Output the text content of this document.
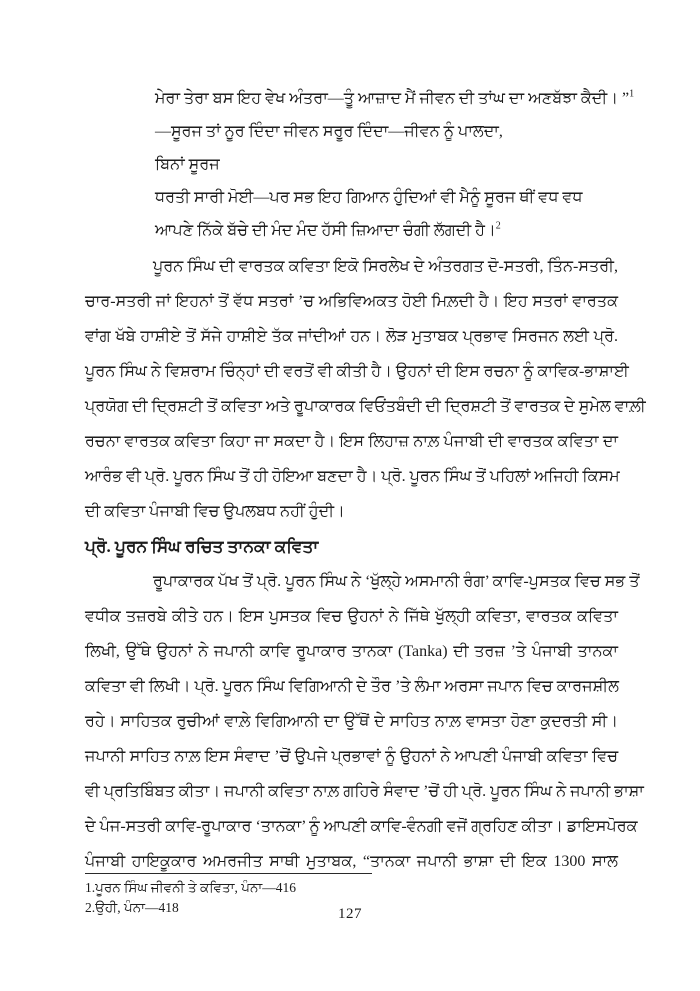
ਮੇਰਾ ਤੇਰਾ ਬਸ ਇਹ ਵੇਖ ਅੰਤਰਾ—ਤੂੰ ਆਜ਼ਾਦ ਮੈਂ ਜੀਵਨ ਦੀ ਤਾਂਘ ਦਾ ਅਣਬੱਝਾ ਕੈਦੀ। ”$^1$
—ਸੂਰਜ ਤਾਂ ਨੂਰ ਦਿੰਦਾ ਜੀਵਨ ਸਰੂਰ ਦਿੰਦਾ—ਜੀਵਨ ਨੂੰ ਪਾਲਦਾ,
ਬਿਨਾਂ ਸੂਰਜ
ਧਰਤੀ ਸਾਰੀ ਮੋਈ—ਪਰ ਸਭ ਇਹ ਗਿਆਨ ਹੁੰਦਿਆਂ ਵੀ ਮੈਨੂੰ ਸੂਰਜ ਥੀਂ ਵਧ ਵਧ
ਆਪਣੇ ਨਿੱਕੇ ਬੱਚੇ ਦੀ ਮੰਦ ਮੰਦ ਹੱਸੀ ਜ਼ਿਆਦਾ ਚੰਗੀ ਲੱਗਦੀ ਹੈ।$^2$
ਪੂਰਨ ਸਿੰਘ ਦੀ ਵਾਰਤਕ ਕਵਿਤਾ ਇਕੋ ਸਿਰਲੇਖ ਦੇ ਅੰਤਰਗਤ ਦੋ-ਸਤਰੀ, ਤਿੰਨ-ਸਤਰੀ,
ਚਾਰ-ਸਤਰੀ ਜਾਂ ਇਹਨਾਂ ਤੋਂ ਵੱਧ ਸਤਰਾਂ ’ਚ ਅਭਿਵਿਅਕਤ ਹੋਈ ਮਿਲ਼ਦੀ ਹੈ। ਇਹ ਸਤਰਾਂ ਵਾਰਤਕ
ਵਾਂਗ ਖੱਬੇ ਹਾਸ਼ੀਏ ਤੋਂ ਸੱਜੇ ਹਾਸ਼ੀਏ ਤੱਕ ਜਾਂਦੀਆਂ ਹਨ। ਲੋੜ ਮੁਤਾਬਕ ਪ੍ਰਭਾਵ ਸਿਰਜਨ ਲਈ ਪ੍ਰੋ.
ਪੂਰਨ ਸਿੰਘ ਨੇ ਵਿਸ਼ਰਾਮ ਚਿੰਨ੍ਹਾਂ ਦੀ ਵਰਤੋਂ ਵੀ ਕੀਤੀ ਹੈ। ਉਹਨਾਂ ਦੀ ਇਸ ਰਚਨਾ ਨੂੰ ਕਾਵਿਕ-ਭਾਸ਼ਾਈ
ਪ੍ਰਯੋਗ ਦੀ ਦ੍ਰਿਸ਼ਟੀ ਤੋਂ ਕਵਿਤਾ ਅਤੇ ਰੂਪਾਕਾਰਕ ਵਿਓਂਤਬੰਦੀ ਦੀ ਦ੍ਰਿਸ਼ਟੀ ਤੋਂ ਵਾਰਤਕ ਦੇ ਸੁਮੇਲ ਵਾਲ਼ੀ
ਰਚਨਾ ਵਾਰਤਕ ਕਵਿਤਾ ਕਿਹਾ ਜਾ ਸਕਦਾ ਹੈ। ਇਸ ਲਿਹਾਜ਼ ਨਾਲ਼ ਪੰਜਾਬੀ ਦੀ ਵਾਰਤਕ ਕਵਿਤਾ ਦਾ
ਆਰੰਭ ਵੀ ਪ੍ਰੋ. ਪੂਰਨ ਸਿੰਘ ਤੋਂ ਹੀ ਹੋਇਆ ਬਣਦਾ ਹੈ। ਪ੍ਰੋ. ਪੂਰਨ ਸਿੰਘ ਤੋਂ ਪਹਿਲਾਂ ਅਜਿਹੀ ਕਿਸਮ
ਦੀ ਕਵਿਤਾ ਪੰਜਾਬੀ ਵਿਚ ਉਪਲਬਧ ਨਹੀਂ ਹੁੰਦੀ।
ਪ੍ਰੋ. ਪੂਰਨ ਸਿੰਘ ਰਚਿਤ ਤਾਨਕਾ ਕਵਿਤਾ
ਰੂਪਾਕਾਰਕ ਪੱਖ ਤੋਂ ਪ੍ਰੋ. ਪੂਰਨ ਸਿੰਘ ਨੇ ‘ਖੁੱਲ੍ਹੇ ਅਸਮਾਨੀ ਰੰਗ’ ਕਾਵਿ-ਪੁਸਤਕ ਵਿਚ ਸਭ ਤੋਂ
ਵਧੀਕ ਤਜ਼ਰਬੇ ਕੀਤੇ ਹਨ। ਇਸ ਪੁਸਤਕ ਵਿਚ ਉਹਨਾਂ ਨੇ ਜਿੱਥੇ ਖੁੱਲ੍ਹੀ ਕਵਿਤਾ, ਵਾਰਤਕ ਕਵਿਤਾ
ਲਿਖੀ, ਉੱਥੇ ਉਹਨਾਂ ਨੇ ਜਪਾਨੀ ਕਾਵਿ ਰੂਪਾਕਾਰ ਤਾਨਕਾ (Tanka) ਦੀ ਤਰਜ਼ ’ਤੇ ਪੰਜਾਬੀ ਤਾਨਕਾ
ਕਵਿਤਾ ਵੀ ਲਿਖੀ। ਪ੍ਰੋ. ਪੂਰਨ ਸਿੰਘ ਵਿਗਿਆਨੀ ਦੇ ਤੌਰ ’ਤੇ ਲੰਮਾ ਅਰਸਾ ਜਪਾਨ ਵਿਚ ਕਾਰਜਸ਼ੀਲ
ਰਹੇ। ਸਾਹਿਤਕ ਰੁਚੀਆਂ ਵਾਲ਼ੇ ਵਿਗਿਆਨੀ ਦਾ ਉੱਥੋਂ ਦੇ ਸਾਹਿਤ ਨਾਲ਼ ਵਾਸਤਾ ਹੋਣਾ ਕੁਦਰਤੀ ਸੀ।
ਜਪਾਨੀ ਸਾਹਿਤ ਨਾਲ਼ ਇਸ ਸੰਵਾਦ ’ਚੋਂ ਉਪਜੇ ਪ੍ਰਭਾਵਾਂ ਨੂੰ ਉਹਨਾਂ ਨੇ ਆਪਣੀ ਪੰਜਾਬੀ ਕਵਿਤਾ ਵਿਚ
ਵੀ ਪ੍ਰਤਿਬਿੰਬਤ ਕੀਤਾ। ਜਪਾਨੀ ਕਵਿਤਾ ਨਾਲ਼ ਗਹਿਰੇ ਸੰਵਾਦ ’ਚੋਂ ਹੀ ਪ੍ਰੋ. ਪੂਰਨ ਸਿੰਘ ਨੇ ਜਪਾਨੀ ਭਾਸ਼ਾ
ਦੇ ਪੰਜ-ਸਤਰੀ ਕਾਵਿ-ਰੂਪਾਕਾਰ ‘ਤਾਨਕਾ’ ਨੂੰ ਆਪਣੀ ਕਾਵਿ-ਵੰਨਗੀ ਵਜੋਂ ਗ੍ਰਹਿਣ ਕੀਤਾ। ਡਾਇਸਪੋਰਕ
ਪੰਜਾਬੀ ਹਾਇਕੂਕਾਰ ਅਮਰਜੀਤ ਸਾਥੀ ਮੁਤਾਬਕ, “ਤਾਨਕਾ ਜਪਾਨੀ ਭਾਸ਼ਾ ਦੀ ਇਕ 1300 ਸਾਲ
1.ਪੂਰਨ ਸਿੰਘ ਜੀਵਨੀ ਤੇ ਕਵਿਤਾ, ਪੰਨਾ—416
2.ਉਹੀ, ਪੰਨਾ—418	127
